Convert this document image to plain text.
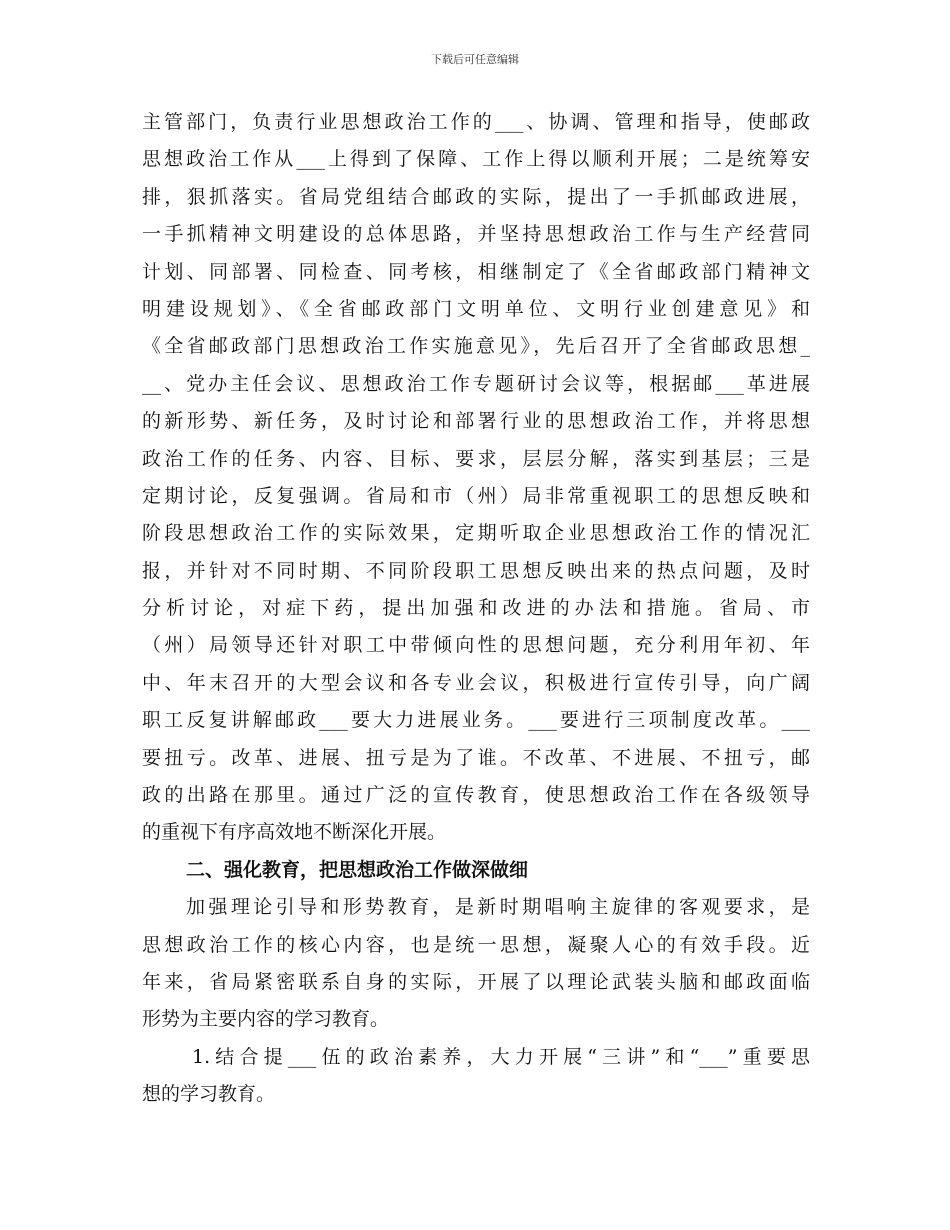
下载后可任意编辑
主管部门，负责行业思想政治工作的___、协调、管理和指导，使邮政
思想政治工作从___上得到了保障、工作上得以顺利开展；二是统筹安
排，狠抓落实。省局党组结合邮政的实际，提出了一手抓邮政进展，
一手抓精神文明建设的总体思路，并坚持思想政治工作与生产经营同
计划、同部署、同检查、同考核，相继制定了《全省邮政部门精神文
明建设规划》、《全省邮政部门文明单位、文明行业创建意见》和
《全省邮政部门思想政治工作实施意见》，先后召开了全省邮政思想_
__、党办主任会议、思想政治工作专题研讨会议等，根据邮___革进展
的新形势、新任务，及时讨论和部署行业的思想政治工作，并将思想
政治工作的任务、内容、目标、要求，层层分解，落实到基层；三是
定期讨论，反复强调。省局和市（州）局非常重视职工的思想反映和
阶段思想政治工作的实际效果，定期听取企业思想政治工作的情况汇
报，并针对不同时期、不同阶段职工思想反映出来的热点问题，及时
分析讨论，对症下药，提出加强和改进的办法和措施。省局、市
（州）局领导还针对职工中带倾向性的思想问题，充分利用年初、年
中、年末召开的大型会议和各专业会议，积极进行宣传引导，向广阔
职工反复讲解邮政___要大力进展业务。___要进行三项制度改革。___
要扭亏。改革、进展、扭亏是为了谁。不改革、不进展、不扭亏，邮
政的出路在那里。通过广泛的宣传教育，使思想政治工作在各级领导
的重视下有序高效地不断深化开展。
二、强化教育，把思想政治工作做深做细
加强理论引导和形势教育，是新时期唱响主旋律的客观要求，是
思想政治工作的核心内容，也是统一思想，凝聚人心的有效手段。近
年来，省局紧密联系自身的实际，开展了以理论武装头脑和邮政面临
形势为主要内容的学习教育。
1.结合提___伍的政治素养，大力开展“三讲”和“___”重要思
想的学习教育。
